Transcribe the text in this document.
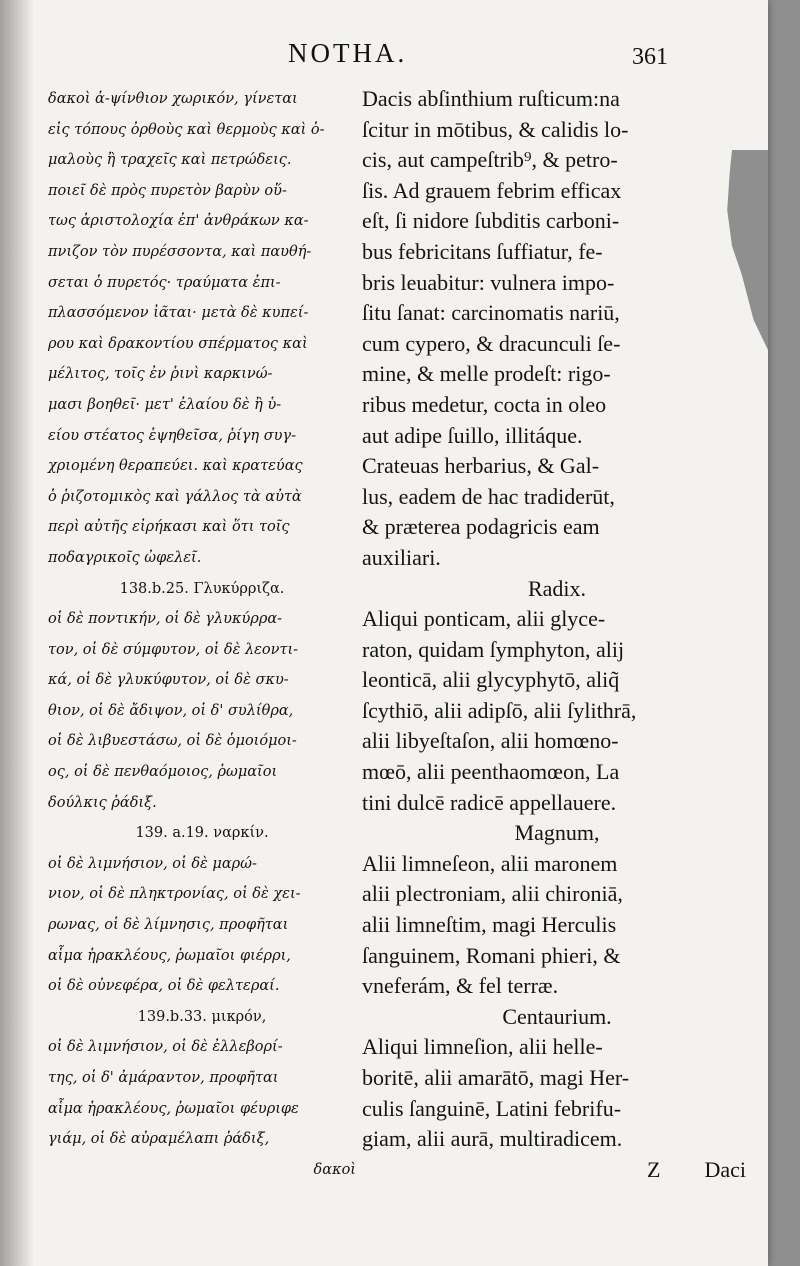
NOTHA.	361
δακοὶ ἀ-ψίνθιον χωρικόν, γίνεται
εἰς τόπους ὀρθοὺς καὶ θερμοὺς καὶ ὁ-
μαλοὺς ἢ τραχεῖς καὶ πετρώδεις.
ποιεῖ δὲ πρὸς πυρετὸν βαρὺν οὕ-
τως ἀριστολοχία ἐπ' ἀνθράκων κα-
πνιζον τὸν πυρέσσοντα, καὶ παυθή-
σεται ὁ πυρετός· τραύματα ἐπι-
πλασσόμενον ἰᾶται· μετὰ δὲ κυπεί-
ρου καὶ δρακοντίου σπέρματος καὶ
μέλιτος, τοῖς ἐν ῥινὶ καρκινώ-
μασι βοηθεῖ· μετ' ἐλαίου δὲ ἢ ὑ-
είου στέατος ἑψηθεῖσα, ῥίγη συγ-
χριομένη θεραπεύει. καὶ κρατεύας
ὁ ῥιζοτομικὸς καὶ γάλλος τὰ αὐτὰ
περὶ αὐτῆς εἰρήκασι καὶ ὅτι τοῖς
ποδαγρικοῖς ὠφελεῖ.
138.b.25. Γλυκύρριζα.
οἱ δὲ ποντικήν, οἱ δὲ γλυκύρρα-
τον, οἱ δὲ σύμφυτον, οἱ δὲ λεοντι-
κά, οἱ δὲ γλυκύφυτον, οἱ δὲ σκυ-
θιον, οἱ δὲ ἄδιψον, οἱ δ' συλίθρα,
οἱ δὲ λιβυεστάσω, οἱ δὲ ὁμοιόμοι-
ος, οἱ δὲ πενθαόμοιος, ῥωμαῖοι
δούλκις ῥάδιξ.
139. a.19. ναρκίν.
οἱ δὲ λιμνήσιον, οἱ δὲ μαρώ-
νιον, οἱ δὲ πληκτρονίας, οἱ δὲ χει-
ρωνας, οἱ δὲ λίμνησις, προφῆται
αἷμα ἡρακλέους, ῥωμαῖοι φιέρρι,
οἱ δὲ οὐνεφέρα, οἱ δὲ φελτεραί.
139.b.33. μικρόν,
οἱ δὲ λιμνήσιον, οἱ δὲ ἐλλεβορί-
της, οἱ δ' ἀμάραντον, προφῆται
αἷμα ἡρακλέους, ῥωμαῖοι φέυριφε
γιάμ, οἱ δὲ αὐραμέλαπι ῥάδιξ,
δακοὶ
Dacis abſinthium ruſticum:na
ſcitur in mōtibus, & calidis lo-
cis, aut campeſtrib⁹, & petro-
ſis. Ad grauem febrim efficax
eſt, ſi nidore ſubditis carboni-
bus febricitans ſuffiatur, fe-
bris leuabitur: vulnera impo-
ſitu ſanat: carcinomatis nariū,
cum cypero, & dracunculi ſe-
mine, & melle prodeſt: rigo-
ribus medetur, cocta in oleo
aut adipe ſuillo, illitáque.
Crateuas herbarius, & Gal-
lus, eadem de hac tradiderūt,
& præterea podagricis eam
auxiliari.
Radix.
Aliqui ponticam, alii glyce-
raton, quidam ſymphyton, alij
leonticā, alii glycyphytō, aliq̃
ſcythiō, alii adipſō, alii ſylithrā,
alii libyeſtaſon, alii homœno-
mœō, alii peenthaomœon, La
tini dulcē radicē appellauere.
Magnum,
Alii limneſeon, alii maronem
alii plectroniam, alii chironiā,
alii limneſtim, magi Herculis
ſanguinem, Romani phieri, &
vneferám, & fel terræ.
Centaurium.
Aliqui limneſion, alii helle-
boritē, alii amarātō, magi Her-
culis ſanguinē, Latini febrifu-
giam, alii aurā, multiradicem.
Z        Daci
